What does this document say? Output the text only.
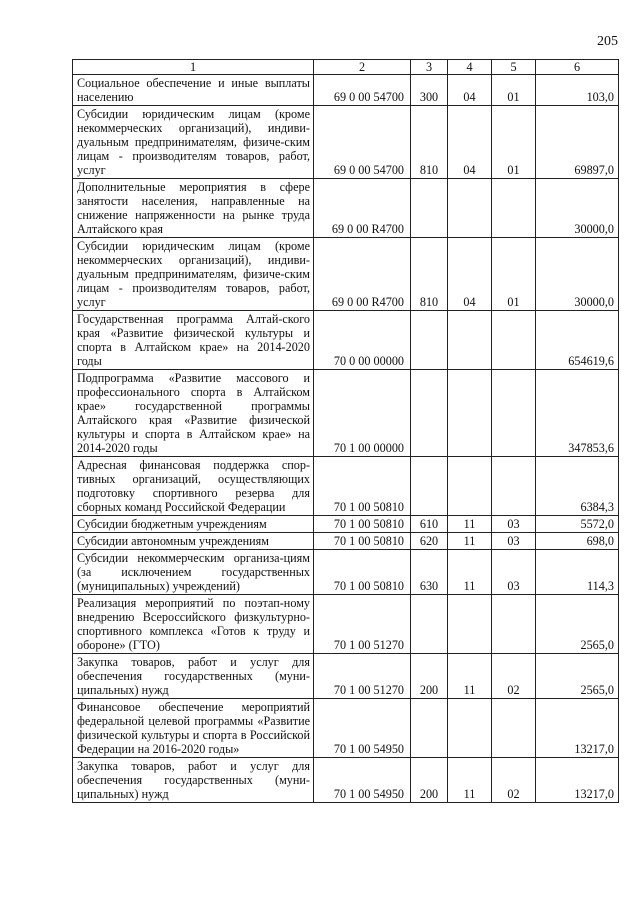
205
1	2	3	4	5	6
Социальное обеспечение и иные выплаты населению	69 0 00 54700	300	04	01	103,0
Субсидии юридическим лицам (кроме некоммерческих организаций), индиви-дуальным предпринимателям, физиче-ским лицам - производителям товаров, работ, услуг	69 0 00 54700	810	04	01	69897,0
Дополнительные мероприятия в сфере занятости населения, направленные на снижение напряженности на рынке труда Алтайского края	69 0 00 R4700				30000,0
Субсидии юридическим лицам (кроме некоммерческих организаций), индиви-дуальным предпринимателям, физиче-ским лицам - производителям товаров, работ, услуг	69 0 00 R4700	810	04	01	30000,0
Государственная программа Алтай-ского края «Развитие физической культуры и спорта в Алтайском крае» на 2014-2020 годы	70 0 00 00000				654619,6
Подпрограмма «Развитие массового и профессионального спорта в Алтайском крае» государственной программы Алтайского края «Развитие физической культуры и спорта в Алтайском крае» на 2014-2020 годы	70 1 00 00000				347853,6
Адресная финансовая поддержка спор-тивных организаций, осуществляющих подготовку спортивного резерва для сборных команд Российской Федерации	70 1 00 50810				6384,3
Субсидии бюджетным учреждениям	70 1 00 50810	610	11	03	5572,0
Субсидии автономным учреждениям	70 1 00 50810	620	11	03	698,0
Субсидии некоммерческим организа-циям (за исключением государственных (муниципальных) учреждений)	70 1 00 50810	630	11	03	114,3
Реализация мероприятий по поэтап-ному внедрению Всероссийского физкультурно-спортивного комплекса «Готов к труду и обороне» (ГТО)	70 1 00 51270				2565,0
Закупка товаров, работ и услуг для обеспечения государственных (муни-ципальных) нужд	70 1 00 51270	200	11	02	2565,0
Финансовое обеспечение мероприятий федеральной целевой программы «Развитие физической культуры и спорта в Российской Федерации на 2016-2020 годы»	70 1 00 54950				13217,0
Закупка товаров, работ и услуг для обеспечения государственных (муни-ципальных) нужд	70 1 00 54950	200	11	02	13217,0
